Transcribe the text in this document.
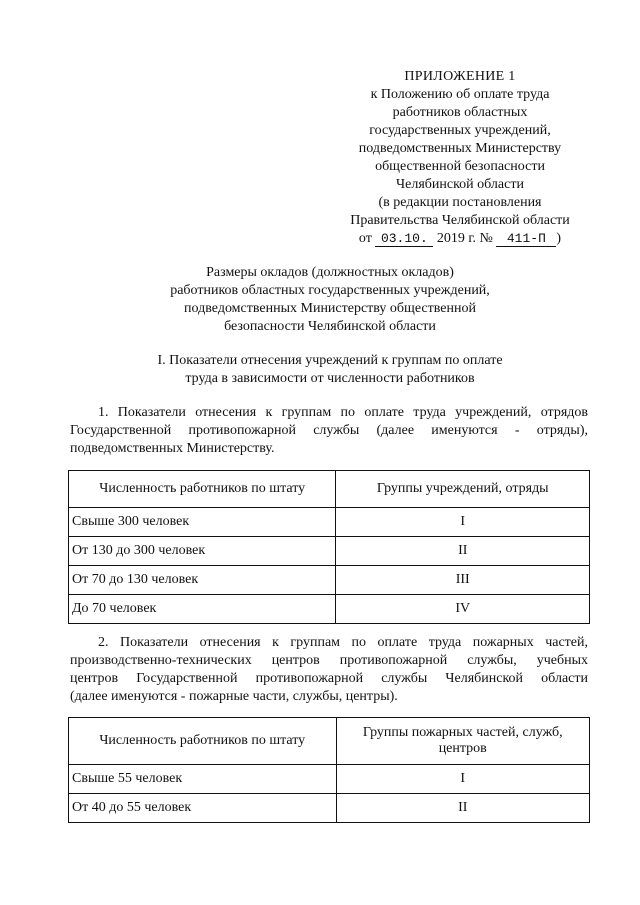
ПРИЛОЖЕНИЕ 1
к Положению об оплате труда
работников областных
государственных учреждений,
подведомственных Министерству
общественной безопасности
Челябинской области
(в редакции постановления
Правительства Челябинской области
от 03.10. 2019 г. № 411-П )
Размеры окладов (должностных окладов)
работников областных государственных учреждений,
подведомственных Министерству общественной
безопасности Челябинской области
I. Показатели отнесения учреждений к группам по оплате
труда в зависимости от численности работников
1. Показатели отнесения к группам по оплате труда учреждений, отрядов
Государственной противопожарной службы (далее именуются - отряды),
подведомственных Министерству.
Численность работников по штату	Группы учреждений, отряды
Свыше 300 человек	I
От 130 до 300 человек	II
От 70 до 130 человек	III
До 70 человек	IV
2. Показатели отнесения к группам по оплате труда пожарных частей,
производственно-технических центров противопожарной службы, учебных
центров Государственной противопожарной службы Челябинской области
(далее именуются - пожарные части, службы, центры).
Численность работников по штату	Группы пожарных частей, служб, центров
Свыше 55 человек	I
От 40 до 55 человек	II
